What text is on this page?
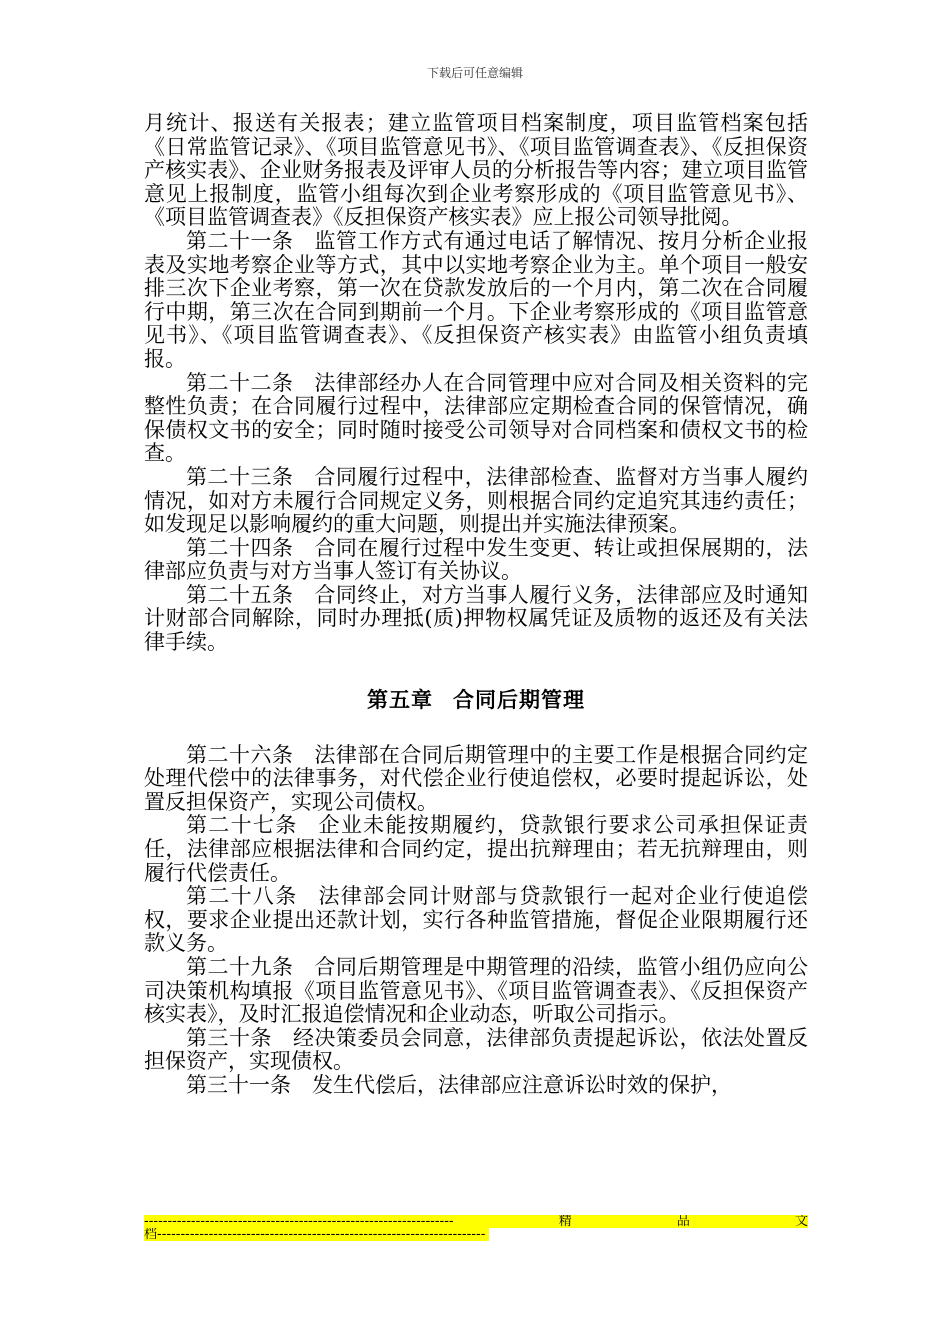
下载后可任意编辑

月统计、报送有关报表；建立监管项目档案制度，项目监管档案包括《日常监管记录》、《项目监管意见书》、《项目监管调查表》、《反担保资产核实表》、企业财务报表及评审人员的分析报告等内容；建立项目监管意见上报制度，监管小组每次到企业考察形成的《项目监管意见书》、《项目监管调查表》《反担保资产核实表》应上报公司领导批阅。

第二十一条 监管工作方式有通过电话了解情况、按月分析企业报表及实地考察企业等方式，其中以实地考察企业为主。单个项目一般安排三次下企业考察，第一次在贷款发放后的一个月内，第二次在合同履行中期，第三次在合同到期前一个月。下企业考察形成的《项目监管意见书》、《项目监管调查表》、《反担保资产核实表》由监管小组负责填报。

第二十二条 法律部经办人在合同管理中应对合同及相关资料的完整性负责；在合同履行过程中，法律部应定期检查合同的保管情况，确保债权文书的安全；同时随时接受公司领导对合同档案和债权文书的检查。

第二十三条 合同履行过程中，法律部检查、监督对方当事人履约情况，如对方未履行合同规定义务，则根据合同约定追究其违约责任；如发现足以影响履约的重大问题，则提出并实施法律预案。

第二十四条 合同在履行过程中发生变更、转让或担保展期的，法律部应负责与对方当事人签订有关协议。

第二十五条 合同终止，对方当事人履行义务，法律部应及时通知计财部合同解除，同时办理抵(质)押物权属凭证及质物的返还及有关法律手续。

第五章 合同后期管理

第二十六条 法律部在合同后期管理中的主要工作是根据合同约定处理代偿中的法律事务，对代偿企业行使追偿权，必要时提起诉讼，处置反担保资产，实现公司债权。

第二十七条 企业未能按期履约，贷款银行要求公司承担保证责任，法律部应根据法律和合同约定，提出抗辩理由；若无抗辩理由，则履行代偿责任。

第二十八条 法律部会同计财部与贷款银行一起对企业行使追偿权，要求企业提出还款计划，实行各种监管措施，督促企业限期履行还款义务。

第二十九条 合同后期管理是中期管理的沿续，监管小组仍应向公司决策机构填报《项目监管意见书》、《项目监管调查表》、《反担保资产核实表》，及时汇报追偿情况和企业动态，听取公司指示。

第三十条 经决策委员会同意，法律部负责提起诉讼，依法处置反担保资产，实现债权。

第三十一条 发生代偿后，法律部应注意诉讼时效的保护，

------------------------------------------------------------------	精	品	文
档 ----------------------------------------------------------------------
